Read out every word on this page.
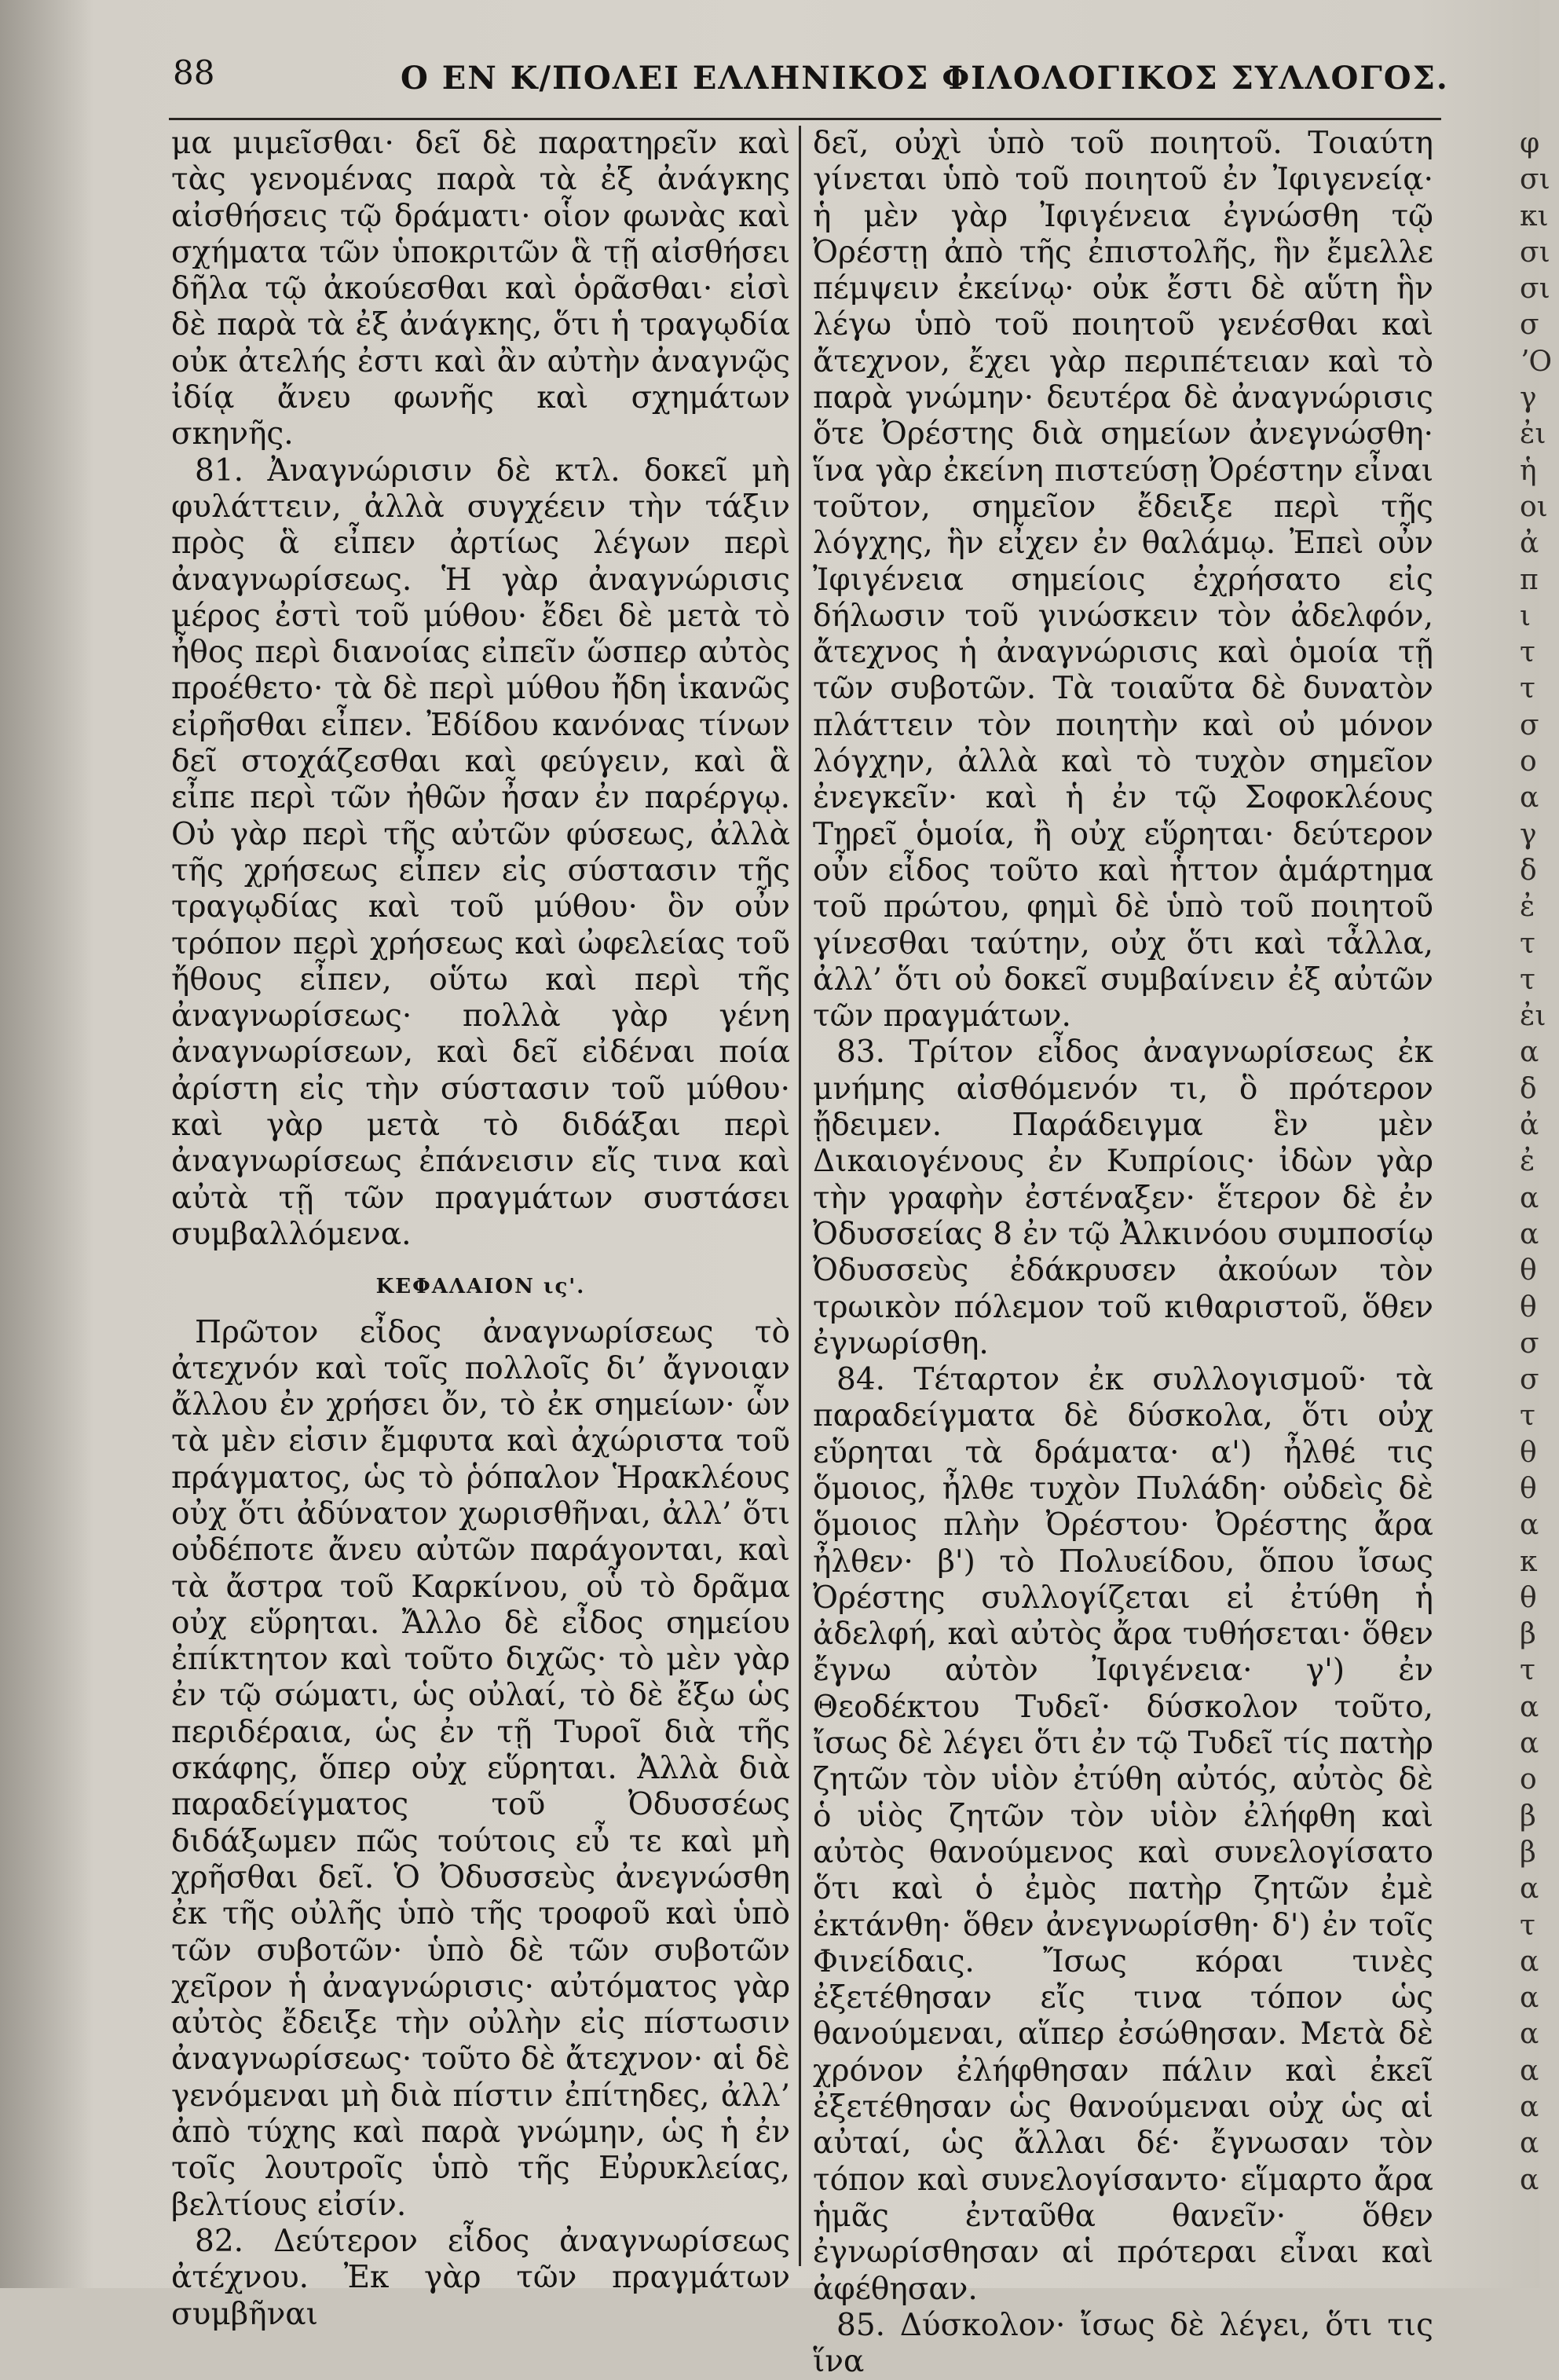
88	Ο ΕΝ Κ/ΠΟΛΕΙ ΕΛΛΗΝΙΚΟΣ ΦΙΛΟΛΟΓΙΚΟΣ ΣΥΛΛΟΓΟΣ.

μα μιμεῖσθαι· δεῖ δὲ παρατηρεῖν καὶ τὰς γενομένας παρὰ τὰ ἐξ ἀνάγκης αἰσθήσεις τῷ δράματι· οἷον φωνὰς καὶ σχήματα τῶν ὑποκριτῶν ἃ τῇ αἰσθήσει δῆλα τῷ ἀκούεσθαι καὶ ὁρᾶσθαι· εἰσὶ δὲ παρὰ τὰ ἐξ ἀνάγκης, ὅτι ἡ τραγῳδία οὐκ ἀτελής ἐστι καὶ ἂν αὐτὴν ἀναγνῷς ἰδίᾳ ἄνευ φωνῆς καὶ σχημάτων σκηνῆς.

81. Ἀναγνώρισιν δὲ κτλ. δοκεῖ μὴ φυλάττειν, ἀλλὰ συγχέειν τὴν τάξιν πρὸς ἃ εἶπεν ἀρτίως λέγων περὶ ἀναγνωρίσεως. Ἡ γὰρ ἀναγνώρισις μέρος ἐστὶ τοῦ μύθου· ἔδει δὲ μετὰ τὸ ἦθος περὶ διανοίας εἰπεῖν ὥσπερ αὐτὸς προέθετο· τὰ δὲ περὶ μύθου ἤδη ἱκανῶς εἰρῆσθαι εἶπεν. Ἐδίδου κανόνας τίνων δεῖ στοχάζεσθαι καὶ φεύγειν, καὶ ἃ εἶπε περὶ τῶν ἠθῶν ἦσαν ἐν παρέργῳ. Οὐ γὰρ περὶ τῆς αὐτῶν φύσεως, ἀλλὰ τῆς χρήσεως εἶπεν εἰς σύστασιν τῆς τραγῳδίας καὶ τοῦ μύθου· ὃν οὖν τρόπον περὶ χρήσεως καὶ ὠφελείας τοῦ ἤθους εἶπεν, οὕτω καὶ περὶ τῆς ἀναγνωρίσεως· πολλὰ γὰρ γένη ἀναγνωρίσεων, καὶ δεῖ εἰδέναι ποία ἀρίστη εἰς τὴν σύστασιν τοῦ μύθου· καὶ γὰρ μετὰ τὸ διδάξαι περὶ ἀναγνωρίσεως ἐπάνεισιν εἴς τινα καὶ αὐτὰ τῇ τῶν πραγμάτων συστάσει συμβαλλόμενα.

ΚΕΦΑΛΑΙΟΝ ις'.

Πρῶτον εἶδος ἀναγνωρίσεως τὸ ἀτεχνόν καὶ τοῖς πολλοῖς δι’ ἄγνοιαν ἄλλου ἐν χρήσει ὄν, τὸ ἐκ σημείων· ὧν τὰ μὲν εἰσιν ἔμφυτα καὶ ἀχώριστα τοῦ πράγματος, ὡς τὸ ῥόπαλον Ἡρακλέους οὐχ ὅτι ἀδύνατον χωρισθῆναι, ἀλλ’ ὅτι οὐδέποτε ἄνευ αὐτῶν παράγονται, καὶ τὰ ἄστρα τοῦ Καρκίνου, οὗ τὸ δρᾶμα οὐχ εὕρηται. Ἄλλο δὲ εἶδος σημείου ἐπίκτητον καὶ τοῦτο διχῶς· τὸ μὲν γὰρ ἐν τῷ σώματι, ὡς οὐλαί, τὸ δὲ ἔξω ὡς περιδέραια, ὡς ἐν τῇ Τυροῖ διὰ τῆς σκάφης, ὅπερ οὐχ εὕρηται. Ἀλλὰ διὰ παραδείγματος τοῦ Ὀδυσσέως διδάξωμεν πῶς τούτοις εὖ τε καὶ μὴ χρῆσθαι δεῖ. Ὁ Ὀδυσσεὺς ἀνεγνώσθη ἐκ τῆς οὐλῆς ὑπὸ τῆς τροφοῦ καὶ ὑπὸ τῶν συβοτῶν· ὑπὸ δὲ τῶν συβοτῶν χεῖρον ἡ ἀναγνώρισις· αὐτόματος γὰρ αὐτὸς ἔδειξε τὴν οὐλὴν εἰς πίστωσιν ἀναγνωρίσεως· τοῦτο δὲ ἄτεχνον· αἱ δὲ γενόμεναι μὴ διὰ πίστιν ἐπίτηδες, ἀλλ’ ἀπὸ τύχης καὶ παρὰ γνώμην, ὡς ἡ ἐν τοῖς λουτροῖς ὑπὸ τῆς Εὐρυκλείας, βελτίους εἰσίν.

82. Δεύτερον εἶδος ἀναγνωρίσεως ἀτέχνου. Ἐκ γὰρ τῶν πραγμάτων συμβῆναι

δεῖ, οὐχὶ ὑπὸ τοῦ ποιητοῦ. Τοιαύτη γίνεται ὑπὸ τοῦ ποιητοῦ ἐν Ἰφιγενείᾳ· ἡ μὲν γὰρ Ἰφιγένεια ἐγνώσθη τῷ Ὀρέστῃ ἀπὸ τῆς ἐπιστολῆς, ἣν ἔμελλε πέμψειν ἐκείνῳ· οὐκ ἔστι δὲ αὕτη ἣν λέγω ὑπὸ τοῦ ποιητοῦ γενέσθαι καὶ ἄτεχνον, ἔχει γὰρ περιπέτειαν καὶ τὸ παρὰ γνώμην· δευτέρα δὲ ἀναγνώρισις ὅτε Ὀρέστης διὰ σημείων ἀνεγνώσθη· ἵνα γὰρ ἐκείνη πιστεύσῃ Ὀρέστην εἶναι τοῦτον, σημεῖον ἔδειξε περὶ τῆς λόγχης, ἣν εἶχεν ἐν θαλάμῳ. Ἐπεὶ οὖν Ἰφιγένεια σημείοις ἐχρήσατο εἰς δήλωσιν τοῦ γινώσκειν τὸν ἀδελφόν, ἄτεχνος ἡ ἀναγνώρισις καὶ ὁμοία τῇ τῶν συβοτῶν. Τὰ τοιαῦτα δὲ δυνατὸν πλάττειν τὸν ποιητὴν καὶ οὐ μόνον λόγχην, ἀλλὰ καὶ τὸ τυχὸν σημεῖον ἐνεγκεῖν· καὶ ἡ ἐν τῷ Σοφοκλέους Τηρεῖ ὁμοία, ἢ οὐχ εὕρηται· δεύτερον οὖν εἶδος τοῦτο καὶ ἧττον ἁμάρτημα τοῦ πρώτου, φημὶ δὲ ὑπὸ τοῦ ποιητοῦ γίνεσθαι ταύτην, οὐχ ὅτι καὶ τἆλλα, ἀλλ’ ὅτι οὐ δοκεῖ συμβαίνειν ἐξ αὐτῶν τῶν πραγμάτων.

83. Τρίτον εἶδος ἀναγνωρίσεως ἐκ μνήμης αἰσθόμενόν τι, ὃ πρότερον ᾔδειμεν. Παράδειγμα ἓν μὲν Δικαιογένους ἐν Κυπρίοις· ἰδὼν γὰρ τὴν γραφὴν ἐστέναξεν· ἕτερον δὲ ἐν Ὀδυσσείας 8 ἐν τῷ Ἀλκινόου συμποσίῳ Ὀδυσσεὺς ἐδάκρυσεν ἀκούων τὸν τρωικὸν πόλεμον τοῦ κιθαριστοῦ, ὅθεν ἐγνωρίσθη.

84. Τέταρτον ἐκ συλλογισμοῦ· τὰ παραδείγματα δὲ δύσκολα, ὅτι οὐχ εὕρηται τὰ δράματα· α') ἦλθέ τις ὅμοιος, ἦλθε τυχὸν Πυλάδη· οὐδεὶς δὲ ὅμοιος πλὴν Ὀρέστου· Ὀρέστης ἄρα ἦλθεν· β') τὸ Πολυείδου, ὅπου ἴσως Ὀρέστης συλλογίζεται εἰ ἐτύθη ἡ ἀδελφή, καὶ αὐτὸς ἄρα τυθήσεται· ὅθεν ἔγνω αὐτὸν Ἰφιγένεια· γ') ἐν Θεοδέκτου Τυδεῖ· δύσκολον τοῦτο, ἴσως δὲ λέγει ὅτι ἐν τῷ Τυδεῖ τίς πατὴρ ζητῶν τὸν υἱὸν ἐτύθη αὐτός, αὐτὸς δὲ ὁ υἱὸς ζητῶν τὸν υἱὸν ἐλήφθη καὶ αὐτὸς θανούμενος καὶ συνελογίσατο ὅτι καὶ ὁ ἐμὸς πατὴρ ζητῶν ἐμὲ ἐκτάνθη· ὅθεν ἀνεγνωρίσθη· δ') ἐν τοῖς Φινείδαις. Ἴσως κόραι τινὲς ἐξετέθησαν εἴς τινα τόπον ὡς θανούμεναι, αἵπερ ἐσώθησαν. Μετὰ δὲ χρόνον ἐλήφθησαν πάλιν καὶ ἐκεῖ ἐξετέθησαν ὡς θανούμεναι οὐχ ὡς αἱ αὐταί, ὡς ἄλλαι δέ· ἔγνωσαν τὸν τόπον καὶ συνελογίσαντο· εἵμαρτο ἄρα ἡμᾶς ἐνταῦθα θανεῖν· ὅθεν ἐγνωρίσθησαν αἱ πρότεραι εἶναι καὶ ἀφέθησαν.

85. Δύσκολον· ἴσως δὲ λέγει, ὅτι τις ἵνα

φ
σι
κι
σι
σι
σ
ʼΟ
γ
ἐι
ἡ
οι
ἀ
π
ι
τ
τ
σ
ο
α
γ
δ
ἐ
τ
τ
ἐι
α
δ
ἀ
ἐ
α
α
θ
θ
σ
σ
τ
θ
θ
α
κ
θ
β
τ
α
α
ο
β
β
α
τ
α
α
α
α
α
α
α
